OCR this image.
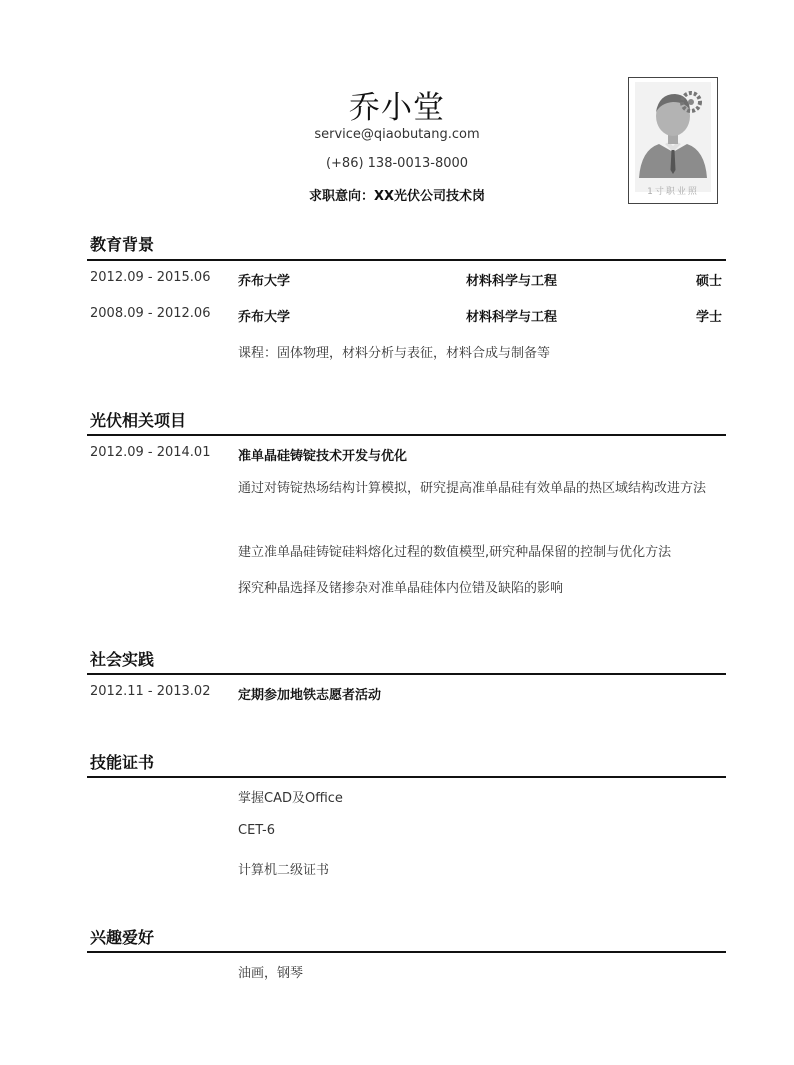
乔小堂
service@qiaobutang.com
(+86) 138-0013-8000
求职意向：XX光伏公司技术岗	1寸职业照
教育背景
2012.09 - 2015.06 乔布大学	材料科学与工程	硕士
2008.09 - 2012.06 乔布大学	材料科学与工程	学士
课程：固体物理，材料分析与表征，材料合成与制备等
光伏相关项目
2012.09 - 2014.01 准单晶硅铸锭技术开发与优化
通过对铸锭热场结构计算模拟，研究提高准单晶硅有效单晶的热区域结构改进方法
建立准单晶硅铸锭硅料熔化过程的数值模型,研究种晶保留的控制与优化方法
探究种晶选择及锗掺杂对准单晶硅体内位错及缺陷的影响
社会实践
2012.11 - 2013.02 定期参加地铁志愿者活动
技能证书
掌握CAD及Office
CET-6
计算机二级证书
兴趣爱好
油画，钢琴
